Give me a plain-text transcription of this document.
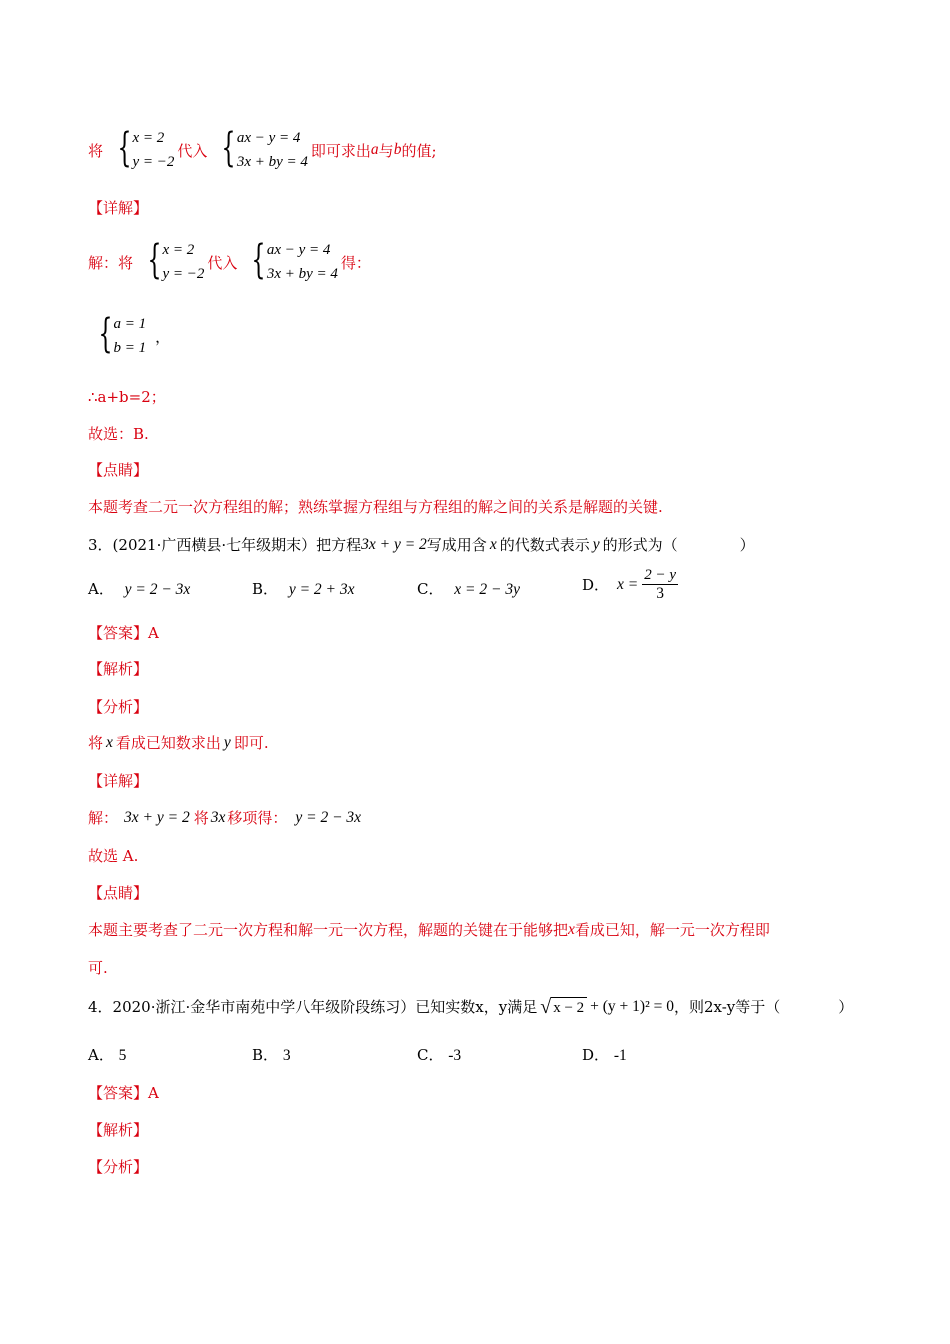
将 { x = 2
y = −2
代入 { ax − y = 4
3x + by = 4
即可求出 a 与 b 的值;
【详解】
解：将 { x = 2
y = −2
代入 { ax − y = 4
3x + by = 4
得：
{ a = 1
b = 1
，
∴a+b=2；
故选：B.
【点睛】
本题考查二元一次方程组的解；熟练掌握方程组与方程组的解之间的关系是解题的关键.
3．(2021·广西横县·七年级期末）把方程 3x + y = 2 写成用含 x 的代数式表示 y 的形式为（	）
A． y = 2 − 3x	B． y = 2 + 3x	C． x = 2 − 3y	D． $x = \frac{2 - y}{3}$
【答案】A
【解析】
【分析】
将 x 看成已知数求出 y 即可.
【详解】
解： 3x + y = 2 将 3x 移项得： y = 2 − 3x
故选 A.
【点睛】
本题主要考查了二元一次方程和解一元一次方程，解题的关键在于能够把 x 看成已知，解一元一次方程即
可.
4．2020·浙江·金华市南苑中学八年级阶段练习）已知实数x，y满足 √ x − 2 + (y + 1)² = 0 ，则2x-y等于（	）
A． 5	B． 3	C． -3	D． -1
【答案】A
【解析】
【分析】
